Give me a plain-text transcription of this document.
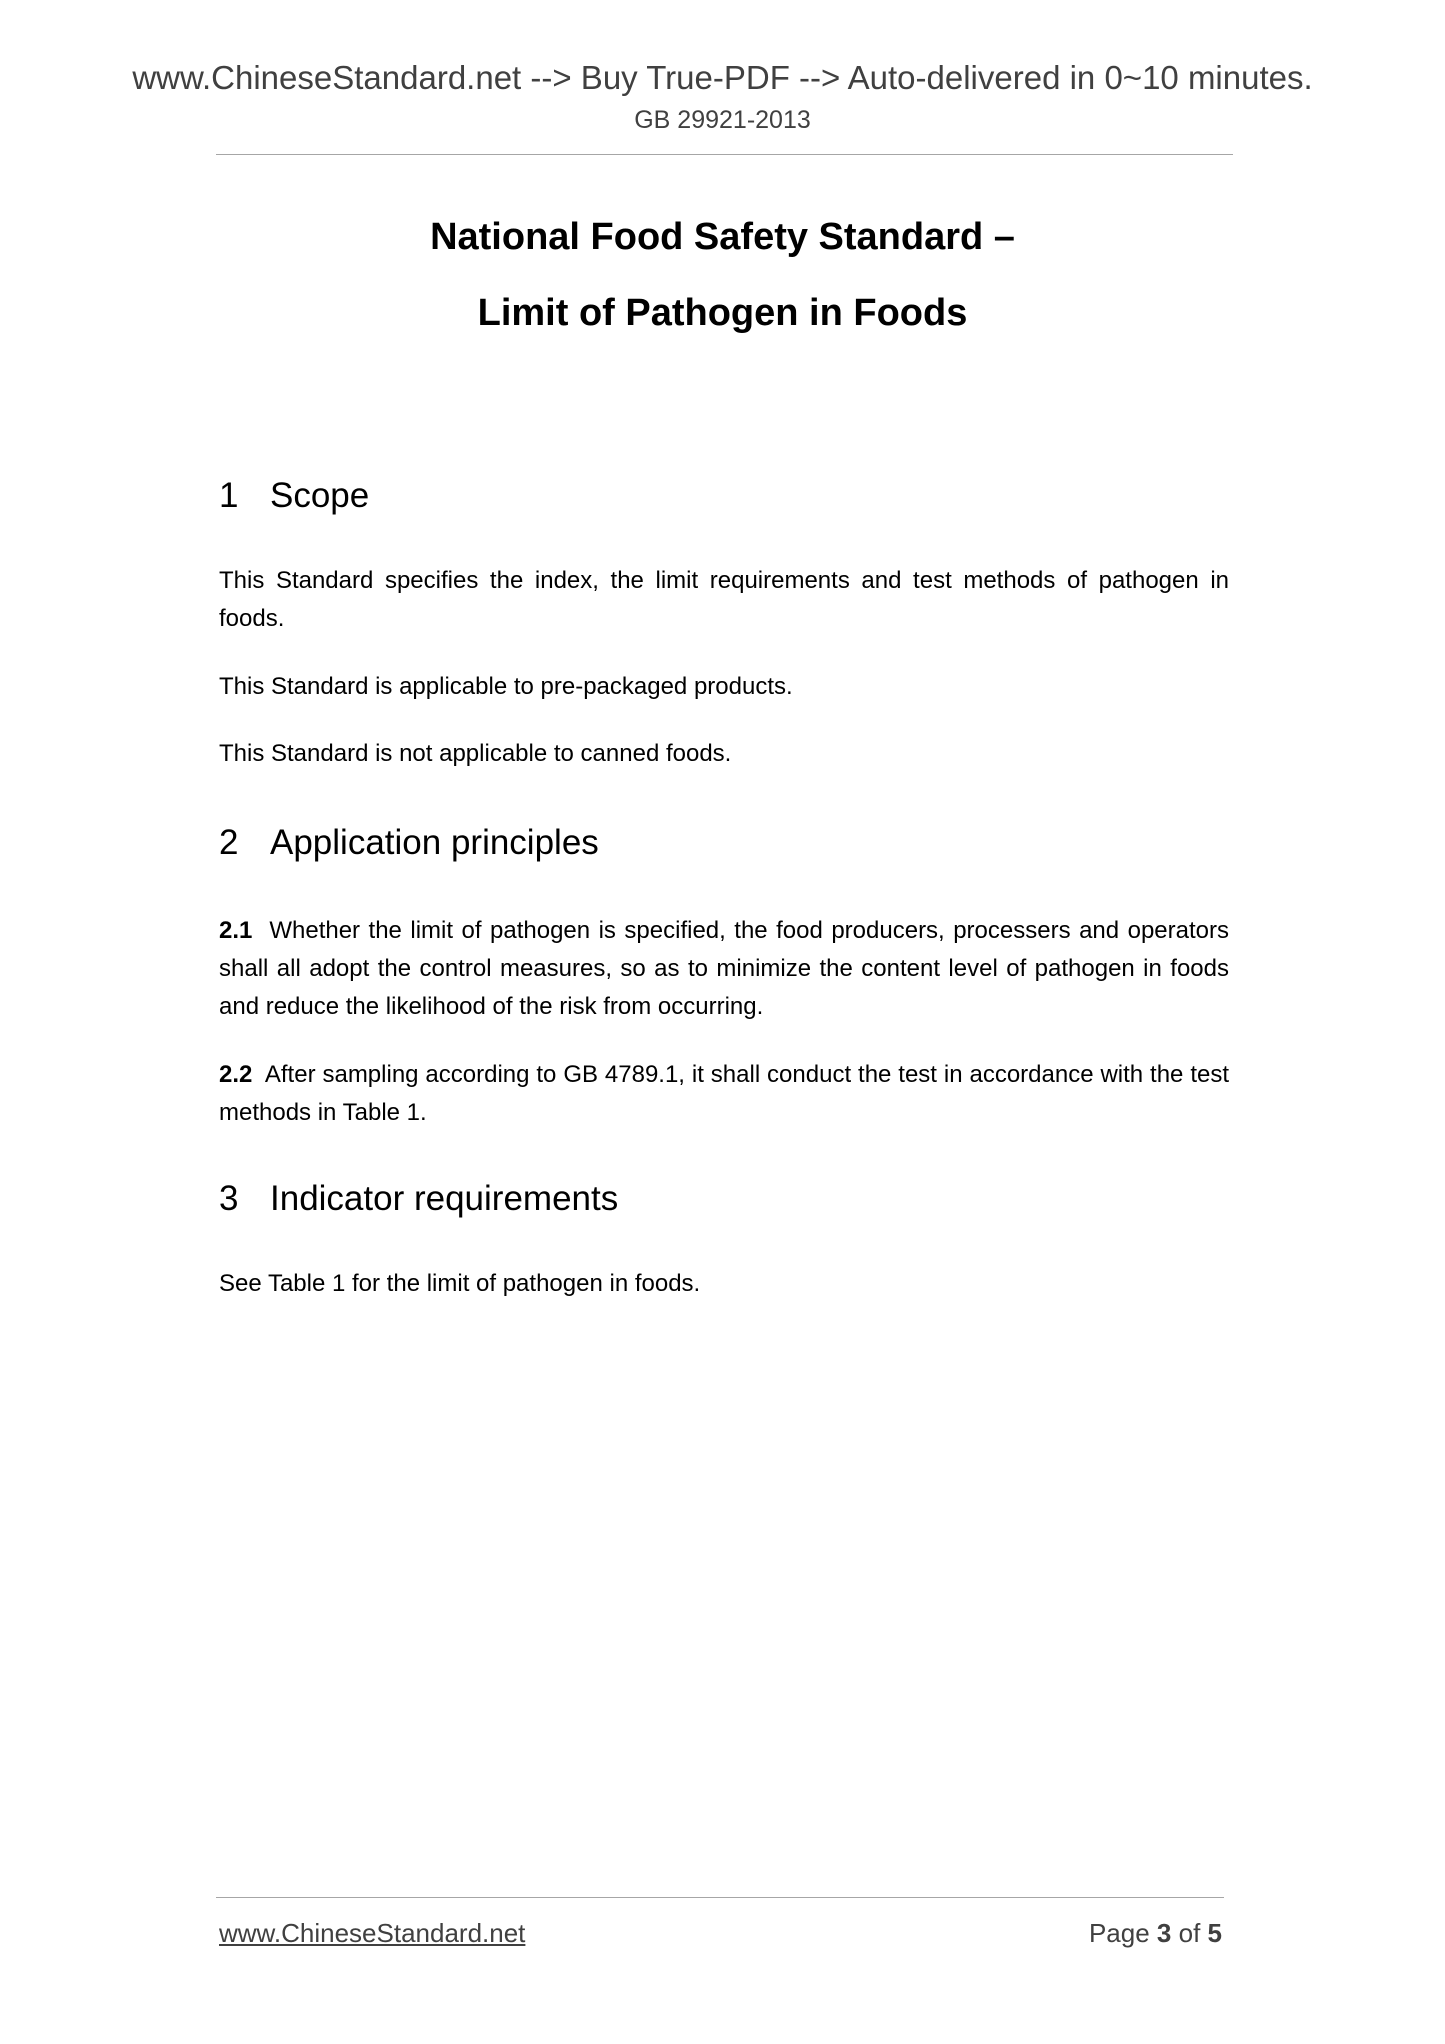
www.ChineseStandard.net --> Buy True-PDF --> Auto-delivered in 0~10 minutes.
GB 29921-2013
National Food Safety Standard –
Limit of Pathogen in Foods
1 Scope
This Standard specifies the index, the limit requirements and test methods of pathogen in foods.
This Standard is applicable to pre-packaged products.
This Standard is not applicable to canned foods.
2 Application principles
2.1 Whether the limit of pathogen is specified, the food producers, processers and operators shall all adopt the control measures, so as to minimize the content level of pathogen in foods and reduce the likelihood of the risk from occurring.
2.2 After sampling according to GB 4789.1, it shall conduct the test in accordance with the test methods in Table 1.
3 Indicator requirements
See Table 1 for the limit of pathogen in foods.
www.ChineseStandard.net	Page 3 of 5
